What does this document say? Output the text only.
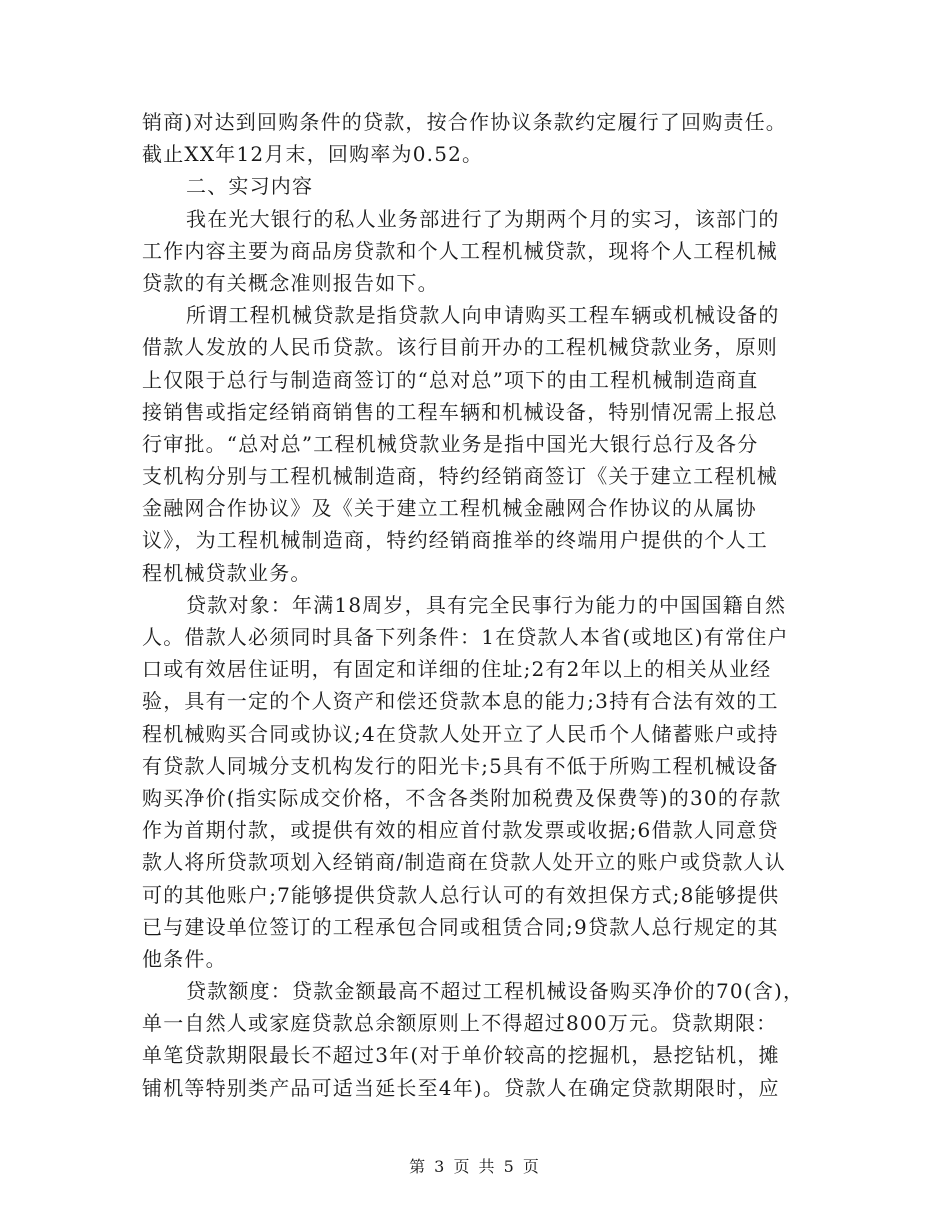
销商)对达到回购条件的贷款，按合作协议条款约定履行了回购责任。
截止XX年12月末，回购率为0.52。
二、实习内容
我在光大银行的私人业务部进行了为期两个月的实习，该部门的
工作内容主要为商品房贷款和个人工程机械贷款，现将个人工程机械
贷款的有关概念准则报告如下。
所谓工程机械贷款是指贷款人向申请购买工程车辆或机械设备的
借款人发放的人民币贷款。该行目前开办的工程机械贷款业务，原则
上仅限于总行与制造商签订的“总对总”项下的由工程机械制造商直
接销售或指定经销商销售的工程车辆和机械设备，特别情况需上报总
行审批。“总对总”工程机械贷款业务是指中国光大银行总行及各分
支机构分别与工程机械制造商，特约经销商签订《关于建立工程机械
金融网合作协议》及《关于建立工程机械金融网合作协议的从属协
议》，为工程机械制造商，特约经销商推举的终端用户提供的个人工
程机械贷款业务。
贷款对象：年满18周岁，具有完全民事行为能力的中国国籍自然
人。借款人必须同时具备下列条件：1在贷款人本省(或地区)有常住户
口或有效居住证明，有固定和详细的住址;2有2年以上的相关从业经
验，具有一定的个人资产和偿还贷款本息的能力;3持有合法有效的工
程机械购买合同或协议;4在贷款人处开立了人民币个人储蓄账户或持
有贷款人同城分支机构发行的阳光卡;5具有不低于所购工程机械设备
购买净价(指实际成交价格，不含各类附加税费及保费等)的30的存款
作为首期付款，或提供有效的相应首付款发票或收据;6借款人同意贷
款人将所贷款项划入经销商/制造商在贷款人处开立的账户或贷款人认
可的其他账户;7能够提供贷款人总行认可的有效担保方式;8能够提供
已与建设单位签订的工程承包合同或租赁合同;9贷款人总行规定的其
他条件。
贷款额度：贷款金额最高不超过工程机械设备购买净价的70(含)，
单一自然人或家庭贷款总余额原则上不得超过800万元。贷款期限：
单笔贷款期限最长不超过3年(对于单价较高的挖掘机，悬挖钻机，摊
铺机等特别类产品可适当延长至4年)。贷款人在确定贷款期限时，应
第 3 页 共 5 页
